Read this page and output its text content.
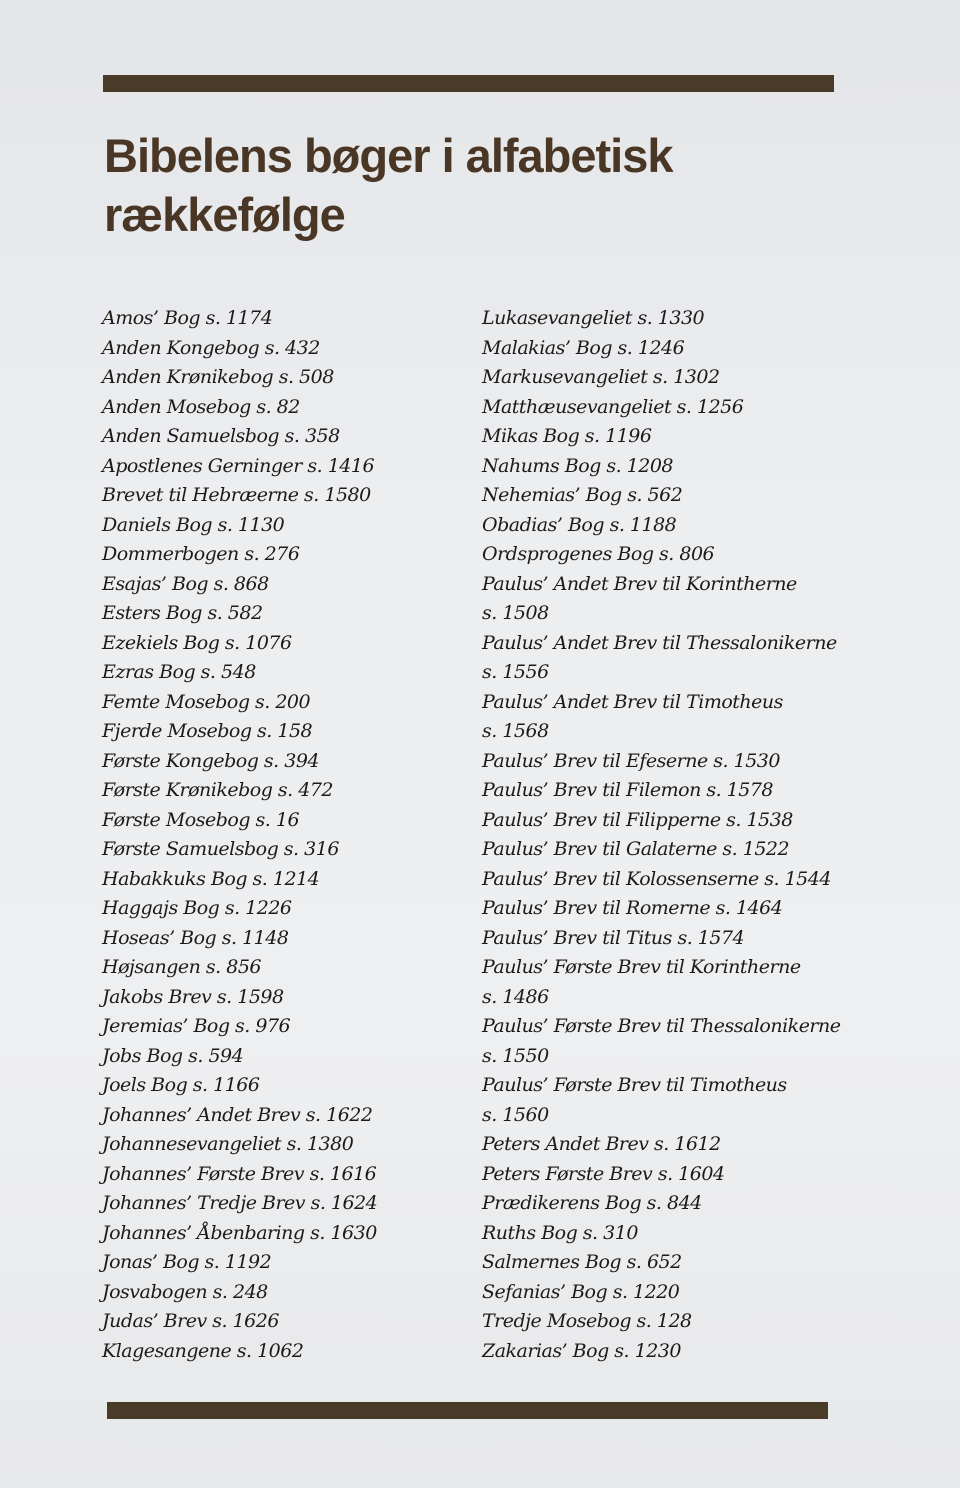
Bibelens bøger i alfabetisk rækkefølge
Amos’ Bog s. 1174
Anden Kongebog s. 432
Anden Krønikebog s. 508
Anden Mosebog s. 82
Anden Samuelsbog s. 358
Apostlenes Gerninger s. 1416
Brevet til Hebræerne s. 1580
Daniels Bog s. 1130
Dommerbogen s. 276
Esajas’ Bog s. 868
Esters Bog s. 582
Ezekiels Bog s. 1076
Ezras Bog s. 548
Femte Mosebog s. 200
Fjerde Mosebog s. 158
Første Kongebog s. 394
Første Krønikebog s. 472
Første Mosebog s. 16
Første Samuelsbog s. 316
Habakkuks Bog s. 1214
Haggajs Bog s. 1226
Hoseas’ Bog s. 1148
Højsangen s. 856
Jakobs Brev s. 1598
Jeremias’ Bog s. 976
Jobs Bog s. 594
Joels Bog s. 1166
Johannes’ Andet Brev s. 1622
Johannesevangeliet s. 1380
Johannes’ Første Brev s. 1616
Johannes’ Tredje Brev s. 1624
Johannes’ Åbenbaring s. 1630
Jonas’ Bog s. 1192
Josvabogen s. 248
Judas’ Brev s. 1626
Klagesangene s. 1062
Lukasevangeliet s. 1330
Malakias’ Bog s. 1246
Markusevangeliet s. 1302
Matthæusevangeliet s. 1256
Mikas Bog s. 1196
Nahums Bog s. 1208
Nehemias’ Bog s. 562
Obadias’ Bog s. 1188
Ordsprogenes Bog s. 806
Paulus’ Andet Brev til Korintherne
s. 1508
Paulus’ Andet Brev til Thessalonikerne
s. 1556
Paulus’ Andet Brev til Timotheus
s. 1568
Paulus’ Brev til Efeserne s. 1530
Paulus’ Brev til Filemon s. 1578
Paulus’ Brev til Filipperne s. 1538
Paulus’ Brev til Galaterne s. 1522
Paulus’ Brev til Kolossenserne s. 1544
Paulus’ Brev til Romerne s. 1464
Paulus’ Brev til Titus s. 1574
Paulus’ Første Brev til Korintherne
s. 1486
Paulus’ Første Brev til Thessalonikerne
s. 1550
Paulus’ Første Brev til Timotheus
s. 1560
Peters Andet Brev s. 1612
Peters Første Brev s. 1604
Prædikerens Bog s. 844
Ruths Bog s. 310
Salmernes Bog s. 652
Sefanias’ Bog s. 1220
Tredje Mosebog s. 128
Zakarias’ Bog s. 1230
